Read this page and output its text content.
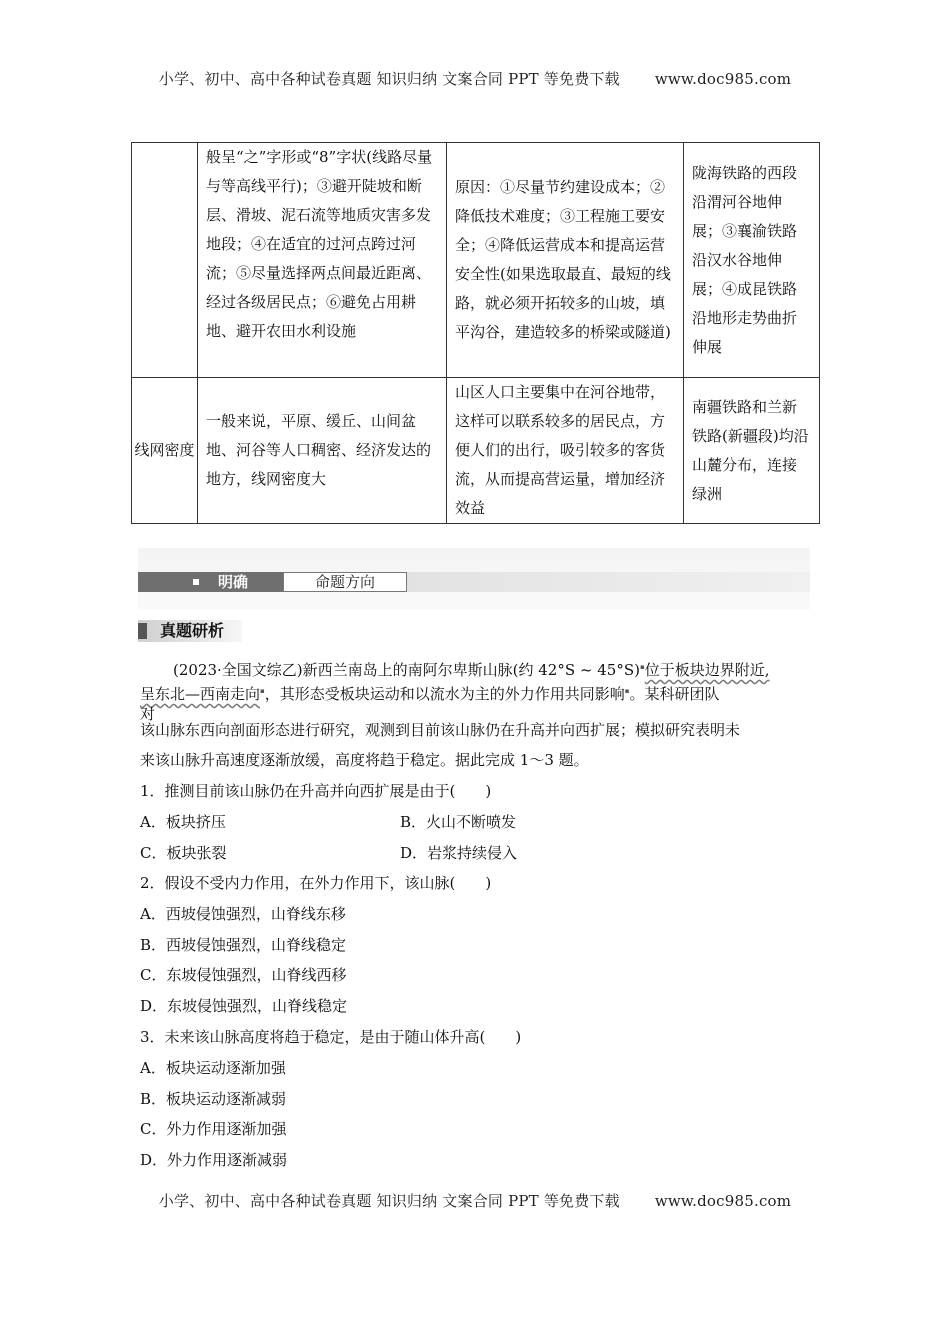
小学、初中、高中各种试卷真题 知识归纳 文案合同 PPT 等免费下载 www.doc985.com
	般呈“之”字形或“8”字状(线路尽量与等高线平行)；③避开陡坡和断层、滑坡、泥石流等地质灾害多发地段；④在适宜的过河点跨过河流；⑤尽量选择两点间最近距离、经过各级居民点；⑥避免占用耕地、避开农田水利设施	原因：①尽量节约建设成本；②降低技术难度；③工程施工要安全；④降低运营成本和提高运营安全性(如果选取最直、最短的线路，就必须开拓较多的山坡，填平沟谷，建造较多的桥梁或隧道)	陇海铁路的西段沿渭河谷地伸展；③襄渝铁路沿汉水谷地伸展；④成昆铁路沿地形走势曲折伸展
线网密度	一般来说，平原、缓丘、山间盆地、河谷等人口稠密、经济发达的地方，线网密度大	山区人口主要集中在河谷地带，这样可以联系较多的居民点，方便人们的出行，吸引较多的客货流，从而提高营运量，增加经济效益	南疆铁路和兰新铁路(新疆段)均沿山麓分布，连接绿洲
明确	命题方向
真题研析
(2023·全国文综乙)新西兰南岛上的南阿尔卑斯山脉(约 42°S ~ 45°S)▪位于板块边界附近,
呈东北—西南走向▪，其形态受板块运动和以流水为主的外力作用共同影响▪。某科研团队
对
该山脉东西向剖面形态进行研究，观测到目前该山脉仍在升高并向西扩展；模拟研究表明未
来该山脉升高速度逐渐放缓，高度将趋于稳定。据此完成 1～3 题。
1．推测目前该山脉仍在升高并向西扩展是由于(　　)
A．板块挤压	B．火山不断喷发
C．板块张裂	D．岩浆持续侵入
2．假设不受内力作用，在外力作用下，该山脉(　　)
A．西坡侵蚀强烈，山脊线东移
B．西坡侵蚀强烈，山脊线稳定
C．东坡侵蚀强烈，山脊线西移
D．东坡侵蚀强烈，山脊线稳定
3．未来该山脉高度将趋于稳定，是由于随山体升高(　　)
A．板块运动逐渐加强
B．板块运动逐渐减弱
C．外力作用逐渐加强
D．外力作用逐渐减弱
小学、初中、高中各种试卷真题 知识归纳 文案合同 PPT 等免费下载 www.doc985.com
